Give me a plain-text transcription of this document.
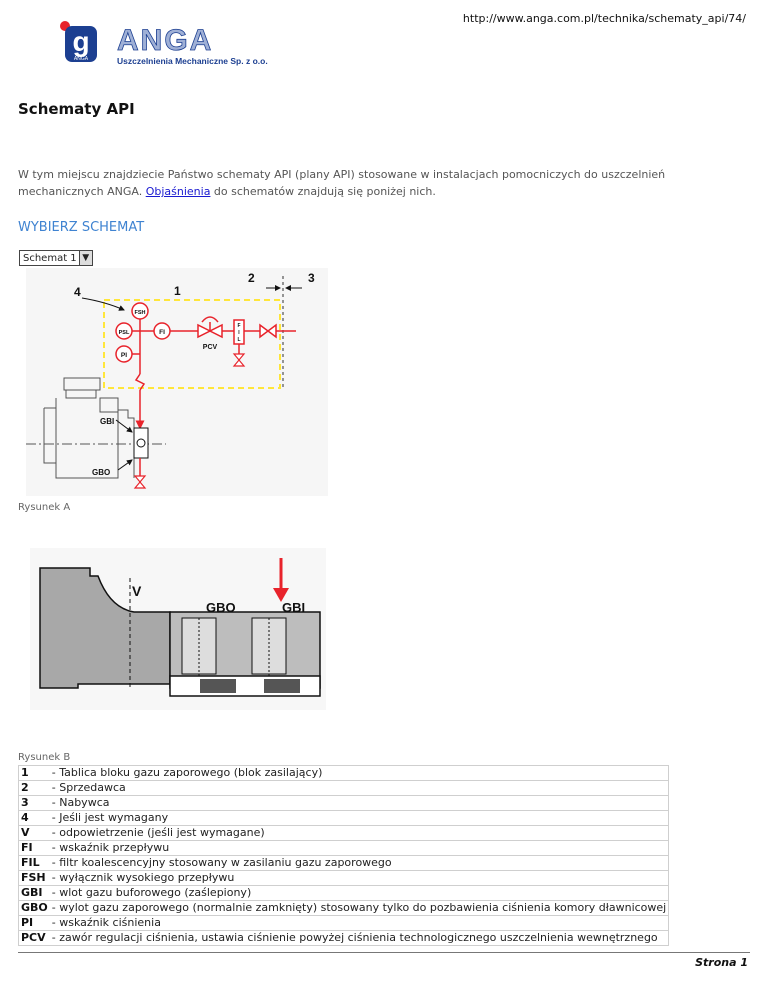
http://www.anga.com.pl/technika/schematy_api/74/
g
ANGA
ANGA
Uszczelnienia Mechaniczne Sp. z o.o.
Schematy API

W tym miejscu znajdziecie Państwo schematy API (plany API) stosowane w instalacjach pomocniczych do uszczelnień mechanicznych ANGA. Objaśnienia do schematów znajdują się poniżej nich.

WYBIERZ SCHEMAT
Schemat 1 ▼
1
2	3
4
FSH
PSL
PI
FI
PCV
F
I
L
GBI
GBO
Rysunek A
V
GBO	GBI
Rysunek B
1	- Tablica bloku gazu zaporowego (blok zasilający)
2	- Sprzedawca
3	- Nabywca
4	- Jeśli jest wymagany
V	- odpowietrzenie (jeśli jest wymagane)
FI	- wskaźnik przepływu
FIL	- filtr koalescencyjny stosowany w zasilaniu gazu zaporowego
FSH	- wyłącznik wysokiego przepływu
GBI	- wlot gazu buforowego (zaślepiony)
GBO	- wylot gazu zaporowego (normalnie zamknięty) stosowany tylko do pozbawienia ciśnienia komory dławnicowej
PI	- wskaźnik ciśnienia
PCV	- zawór regulacji ciśnienia, ustawia ciśnienie powyżej ciśnienia technologicznego uszczelnienia wewnętrznego
Strona 1
